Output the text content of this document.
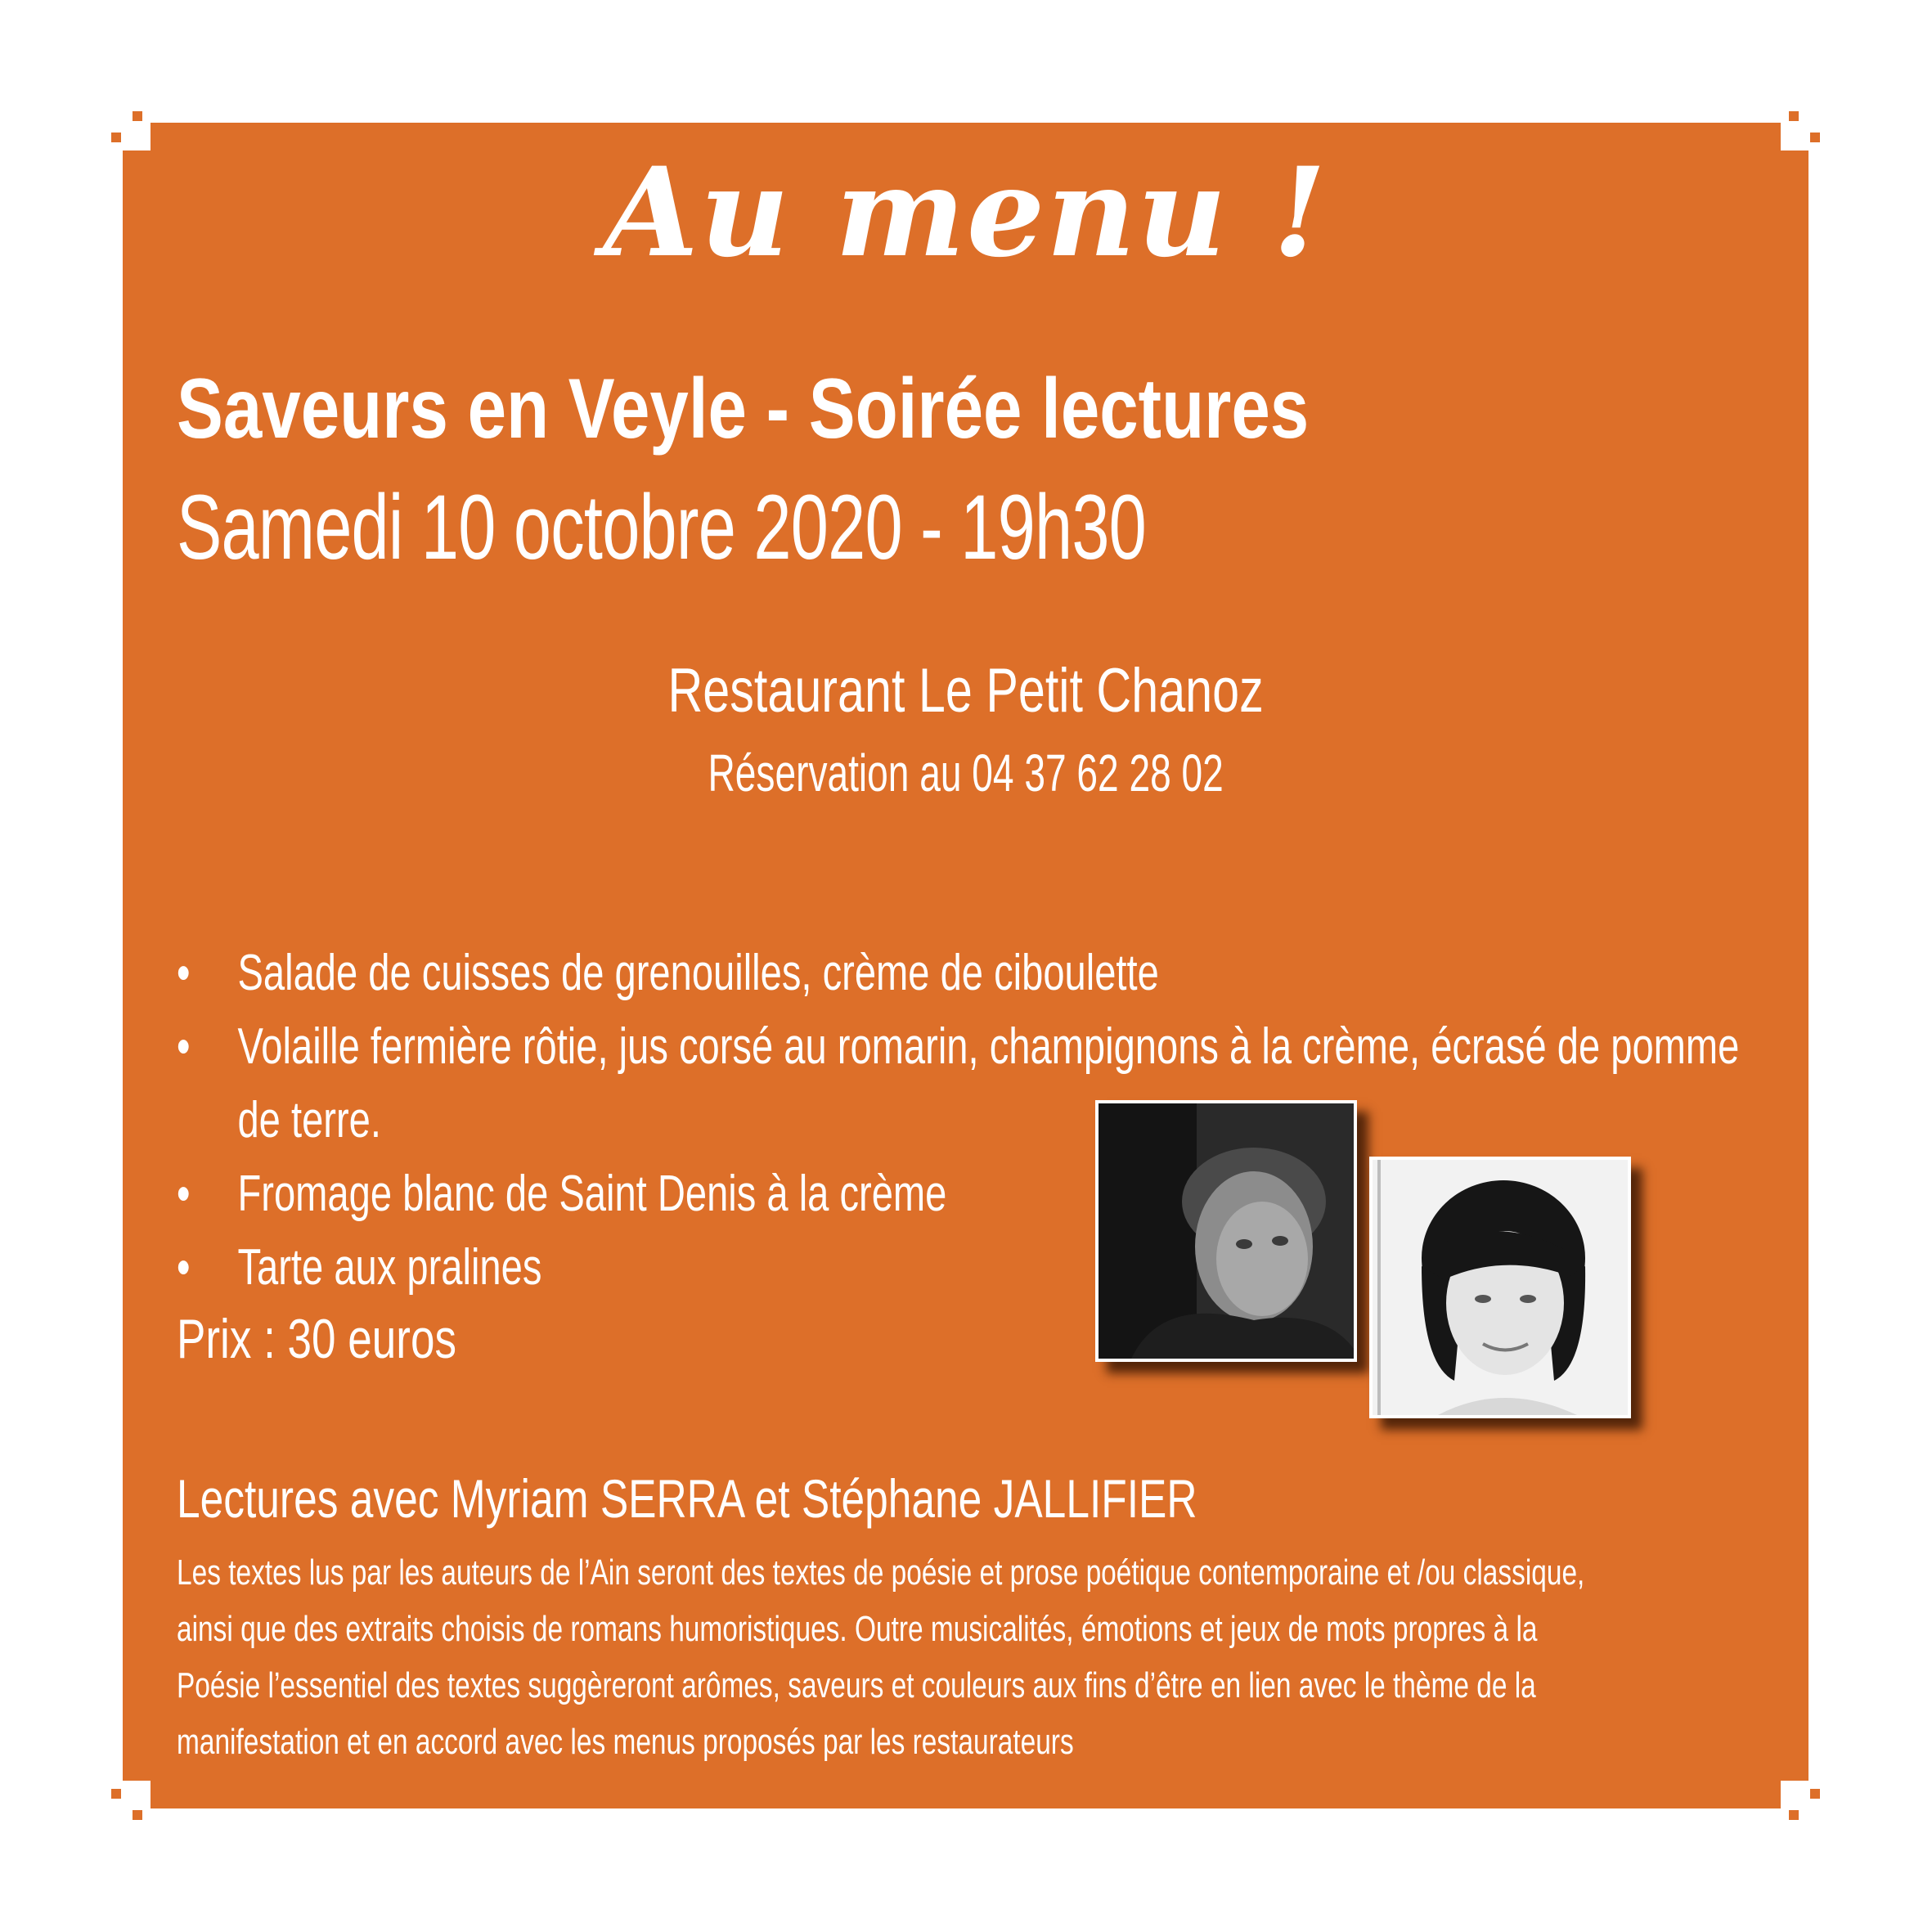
Au menu !
Saveurs en Veyle - Soirée lectures
Samedi 10 octobre 2020 - 19h30
Restaurant Le Petit Chanoz
Réservation au 04 37 62 28 02
• Salade de cuisses de grenouilles, crème de ciboulette
• Volaille fermière rôtie, jus corsé au romarin, champignons à la crème, écrasé de pomme
de terre.
• Fromage blanc de Saint Denis à la crème
• Tarte aux pralines
Prix : 30 euros
Lectures avec Myriam SERRA et Stéphane JALLIFIER
Les textes lus par les auteurs de l’Ain seront des textes de poésie et prose poétique contemporaine et /ou classique,
ainsi que des extraits choisis de romans humoristiques. Outre musicalités, émotions et jeux de mots propres à la
Poésie l’essentiel des textes suggèreront arômes, saveurs et couleurs aux fins d’être en lien avec le thème de la
manifestation et en accord avec les menus proposés par les restaurateurs
